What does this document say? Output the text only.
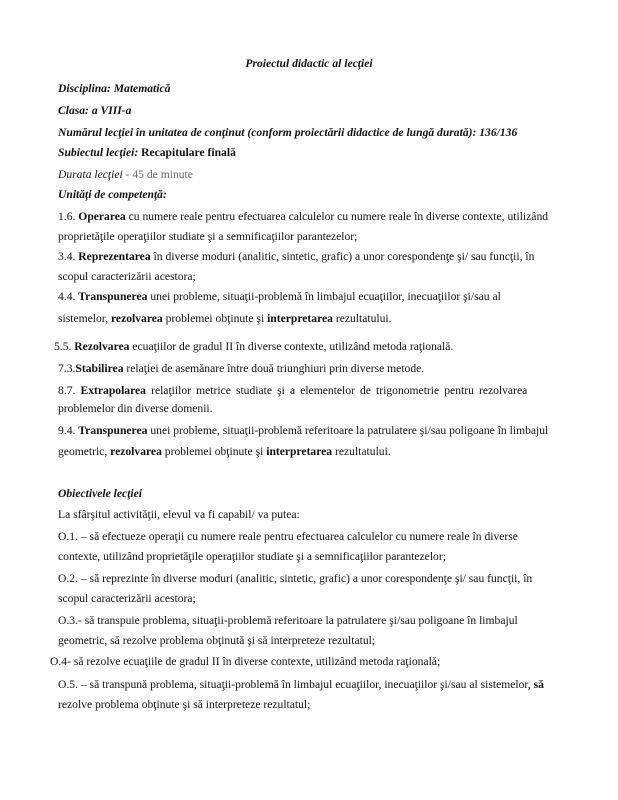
Proiectul didactic al lecţiei
Disciplina: Matematică
Clasa: a VIII-a
Numărul lecţiei în unitatea de conţinut (conform proiectării didactice de lungă durată): 136/136
Subiectul lecţiei: Recapitulare finală
Durata lecţiei - 45 de minute
Unităţi de competenţă:
1.6. Operarea cu numere reale pentru efectuarea calculelor cu numere reale în diverse contexte, utilizând
proprietăţile operaţiilor studiate şi a semnificaţiilor parantezelor;
3.4. Reprezentarea în diverse moduri (analitic, sintetic, grafic) a unor corespondenţe şi/ sau funcţii, în
scopul caracterizării acestora;
4.4. Transpunerea unei probleme, situaţii-problemă în limbajul ecuaţiilor, inecuaţiilor şi/sau al
sistemelor, rezolvarea problemei obţinute şi interpretarea rezultatului.
5.5. Rezolvarea ecuaţiilor de gradul II în diverse contexte, utilizând metoda raţională.
7.3.Stabilirea relaţiei de asemănare între două triunghiuri prin diverse metode.
8.7. Extrapolarea relaţiilor metrice studiate şi a elementelor de trigonometrie pentru rezolvarea
problemelor din diverse domenii.
9.4. Transpunerea unei probleme, situaţii-problemă referitoare la patrulatere şi/sau poligoane în limbajul
geometric, rezolvarea problemei obţinute şi interpretarea rezultatului.
Obiectivele lecţiei
La sfârşitul activităţii, elevul va fi capabil/ va putea:
O.1. – să efectueze operaţii cu numere reale pentru efectuarea calculelor cu numere reale în diverse
contexte, utilizând proprietăţile operaţiilor studiate şi a semnificaţiilor parantezelor;
O.2. – să reprezinte în diverse moduri (analitic, sintetic, grafic) a unor corespondenţe şi/ sau funcţii, în
scopul caracterizării acestora;
O.3.- să transpuie problema, situaţii-problemă referitoare la patrulatere şi/sau poligoane în limbajul
geometric, să rezolve problema obţinută şi să interpreteze rezultatul;
O.4- să rezolve ecuaţiile de gradul II în diverse contexte, utilizând metoda raţională;
O.5. – să transpună problema, situaţii-problemă în limbajul ecuaţiilor, inecuaţiilor şi/sau al sistemelor, să
rezolve problema obţinute şi să interpreteze rezultatul;
